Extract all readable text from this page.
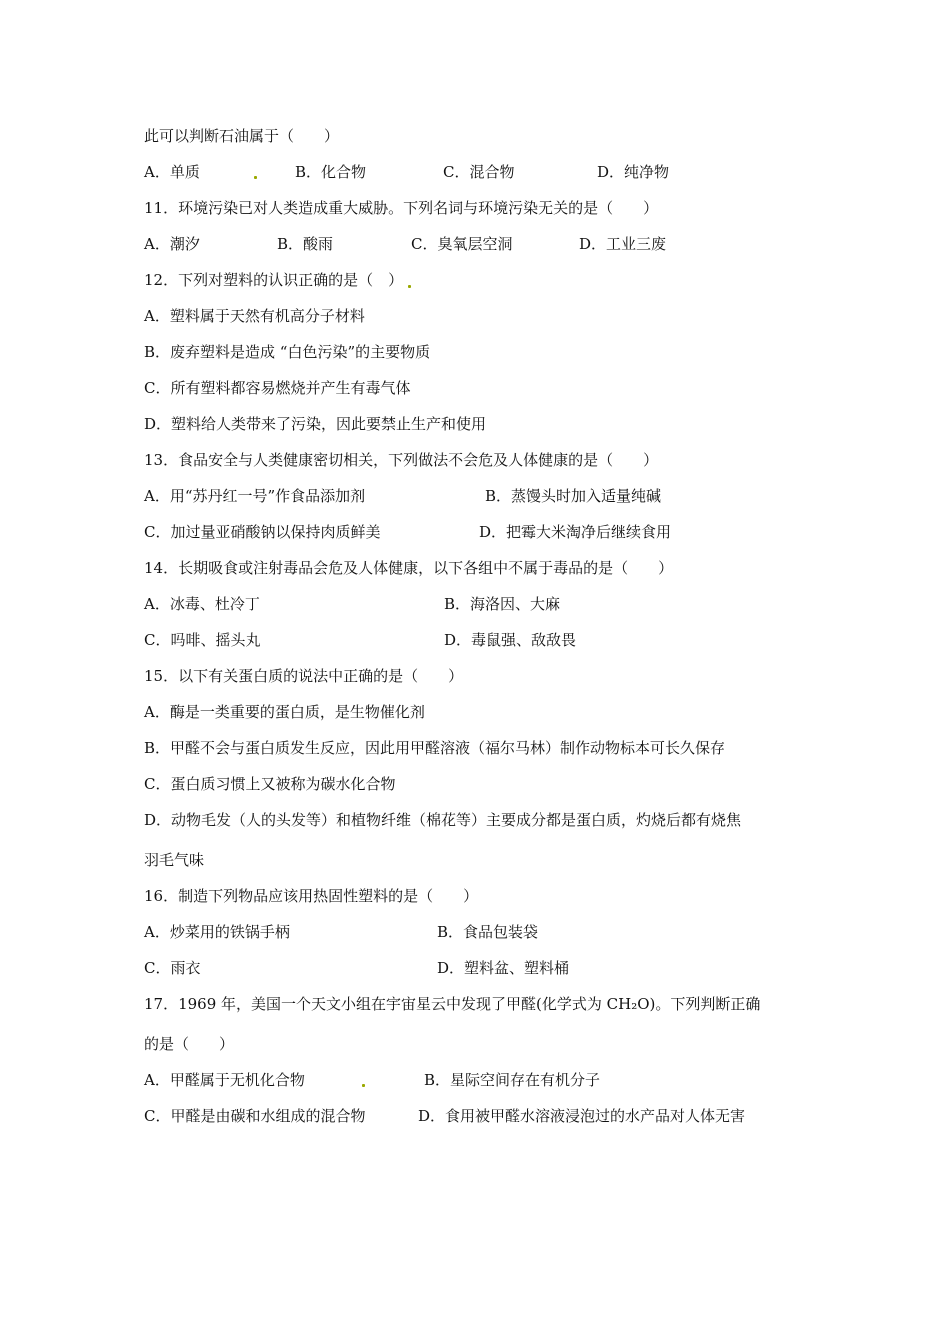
此可以判断石油属于（　　）
A．单质	B．化合物	C．混合物	D．纯净物
11．环境污染已对人类造成重大威胁。下列名词与环境污染无关的是（　　）
A．潮汐	B．酸雨	C．臭氧层空洞	D．工业三废
12．下列对塑料的认识正确的是（　）
A．塑料属于天然有机高分子材料
B．废弃塑料是造成 “白色污染”的主要物质
C．所有塑料都容易燃烧并产生有毒气体
D．塑料给人类带来了污染，因此要禁止生产和使用
13．食品安全与人类健康密切相关，下列做法不会危及人体健康的是（　　）
A．用“苏丹红一号”作食品添加剂	B．蒸馒头时加入适量纯碱
C．加过量亚硝酸钠以保持肉质鲜美	D．把霉大米淘净后继续食用
14．长期吸食或注射毒品会危及人体健康，以下各组中不属于毒品的是（　　）
A．冰毒、杜冷丁	B．海洛因、大麻
C．吗啡、摇头丸	D．毒鼠强、敌敌畏
15．以下有关蛋白质的说法中正确的是（　　）
A．酶是一类重要的蛋白质，是生物催化剂
B．甲醛不会与蛋白质发生反应，因此用甲醛溶液（福尔马林）制作动物标本可长久保存
C．蛋白质习惯上又被称为碳水化合物
D．动物毛发（人的头发等）和植物纤维（棉花等）主要成分都是蛋白质，灼烧后都有烧焦
羽毛气味
16．制造下列物品应该用热固性塑料的是（　　）
A．炒菜用的铁锅手柄	B．食品包装袋
C．雨衣	D．塑料盆、塑料桶
17．1969 年，美国一个天文小组在宇宙星云中发现了甲醛(化学式为 CH₂O)。下列判断正确
的是（　　）
A．甲醛属于无机化合物	B．星际空间存在有机分子
C．甲醛是由碳和水组成的混合物	D．食用被甲醛水溶液浸泡过的水产品对人体无害
